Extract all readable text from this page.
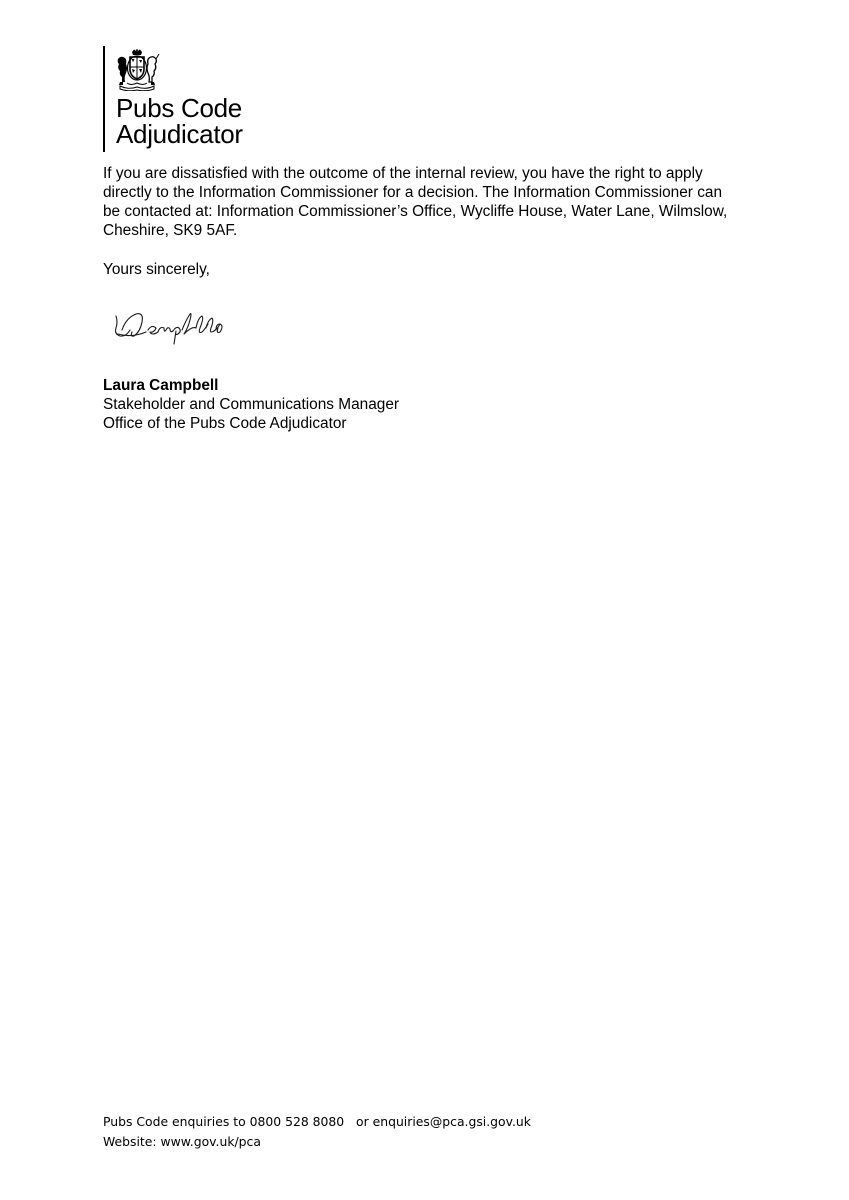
Pubs Code
Adjudicator

If you are dissatisfied with the outcome of the internal review, you have the right to apply directly to the Information Commissioner for a decision. The Information Commissioner can be contacted at: Information Commissioner’s Office, Wycliffe House, Water Lane, Wilmslow, Cheshire, SK9 5AF.

Yours sincerely,

Laura Campbell
Stakeholder and Communications Manager
Office of the Pubs Code Adjudicator
Pubs Code enquiries to 0800 528 8080   or enquiries@pca.gsi.gov.uk
Website: www.gov.uk/pca
